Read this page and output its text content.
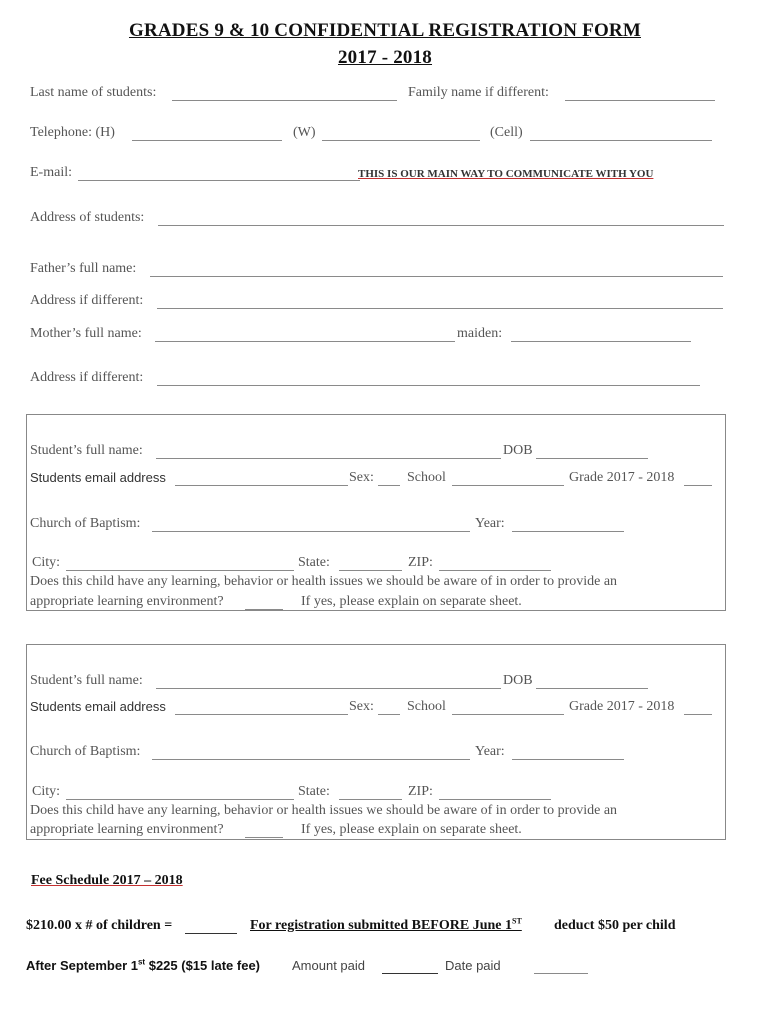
GRADES 9 & 10 CONFIDENTIAL REGISTRATION FORM
2017 - 2018
Last name of students:	Family name if different:
Telephone: (H)	(W)	(Cell)
E-mail:	THIS IS OUR MAIN WAY TO COMMUNICATE WITH YOU
Address of students:
Father’s full name:
Address if different:
Mother’s full name:	maiden:
Address if different:
Student’s full name:	DOB
Students email address	Sex: School	Grade 2017 - 2018
Church of Baptism:	Year:
City:	State:	ZIP:
Does this child have any learning, behavior or health issues we should be aware of in order to provide an
appropriate learning environment?	If yes, please explain on separate sheet.
Student’s full name:	DOB
Students email address	Sex: School	Grade 2017 - 2018
Church of Baptism:	Year:
City:	State:	ZIP:
Does this child have any learning, behavior or health issues we should be aware of in order to provide an
appropriate learning environment?	If yes, please explain on separate sheet.
Fee Schedule 2017 – 2018
$210.00 x # of children =	For registration submitted BEFORE June 1ST deduct $50 per child
After September 1st $225 ($15 late fee) Amount paid	Date paid
